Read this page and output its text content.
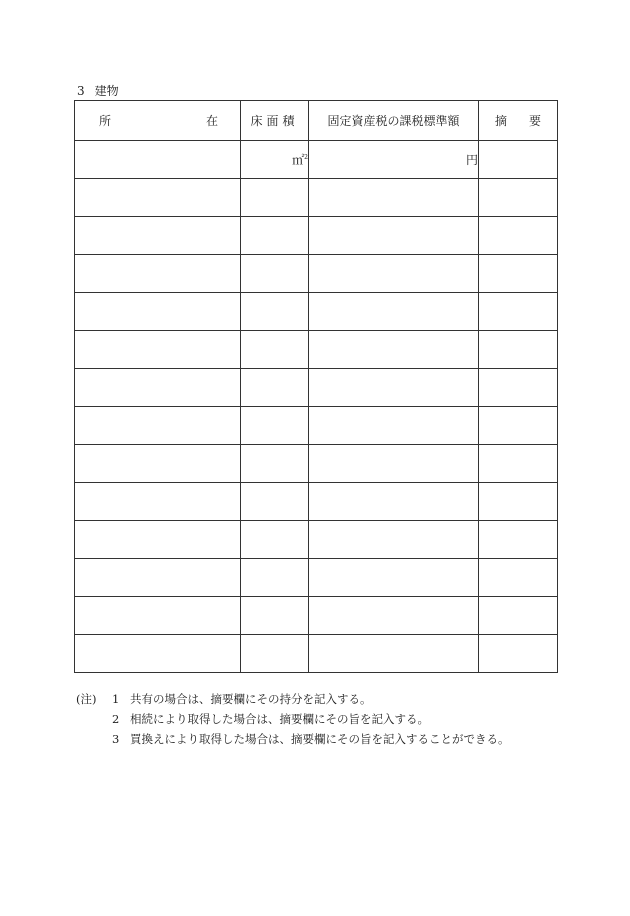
3 建物
所 在	床面積	固定資産税の課税標準額	摘 要

	㎡$^2$	円	

(注)	1 共有の場合は、摘要欄にその持分を記入する。
2 相続により取得した場合は、摘要欄にその旨を記入する。
3 買換えにより取得した場合は、摘要欄にその旨を記入することができる。
